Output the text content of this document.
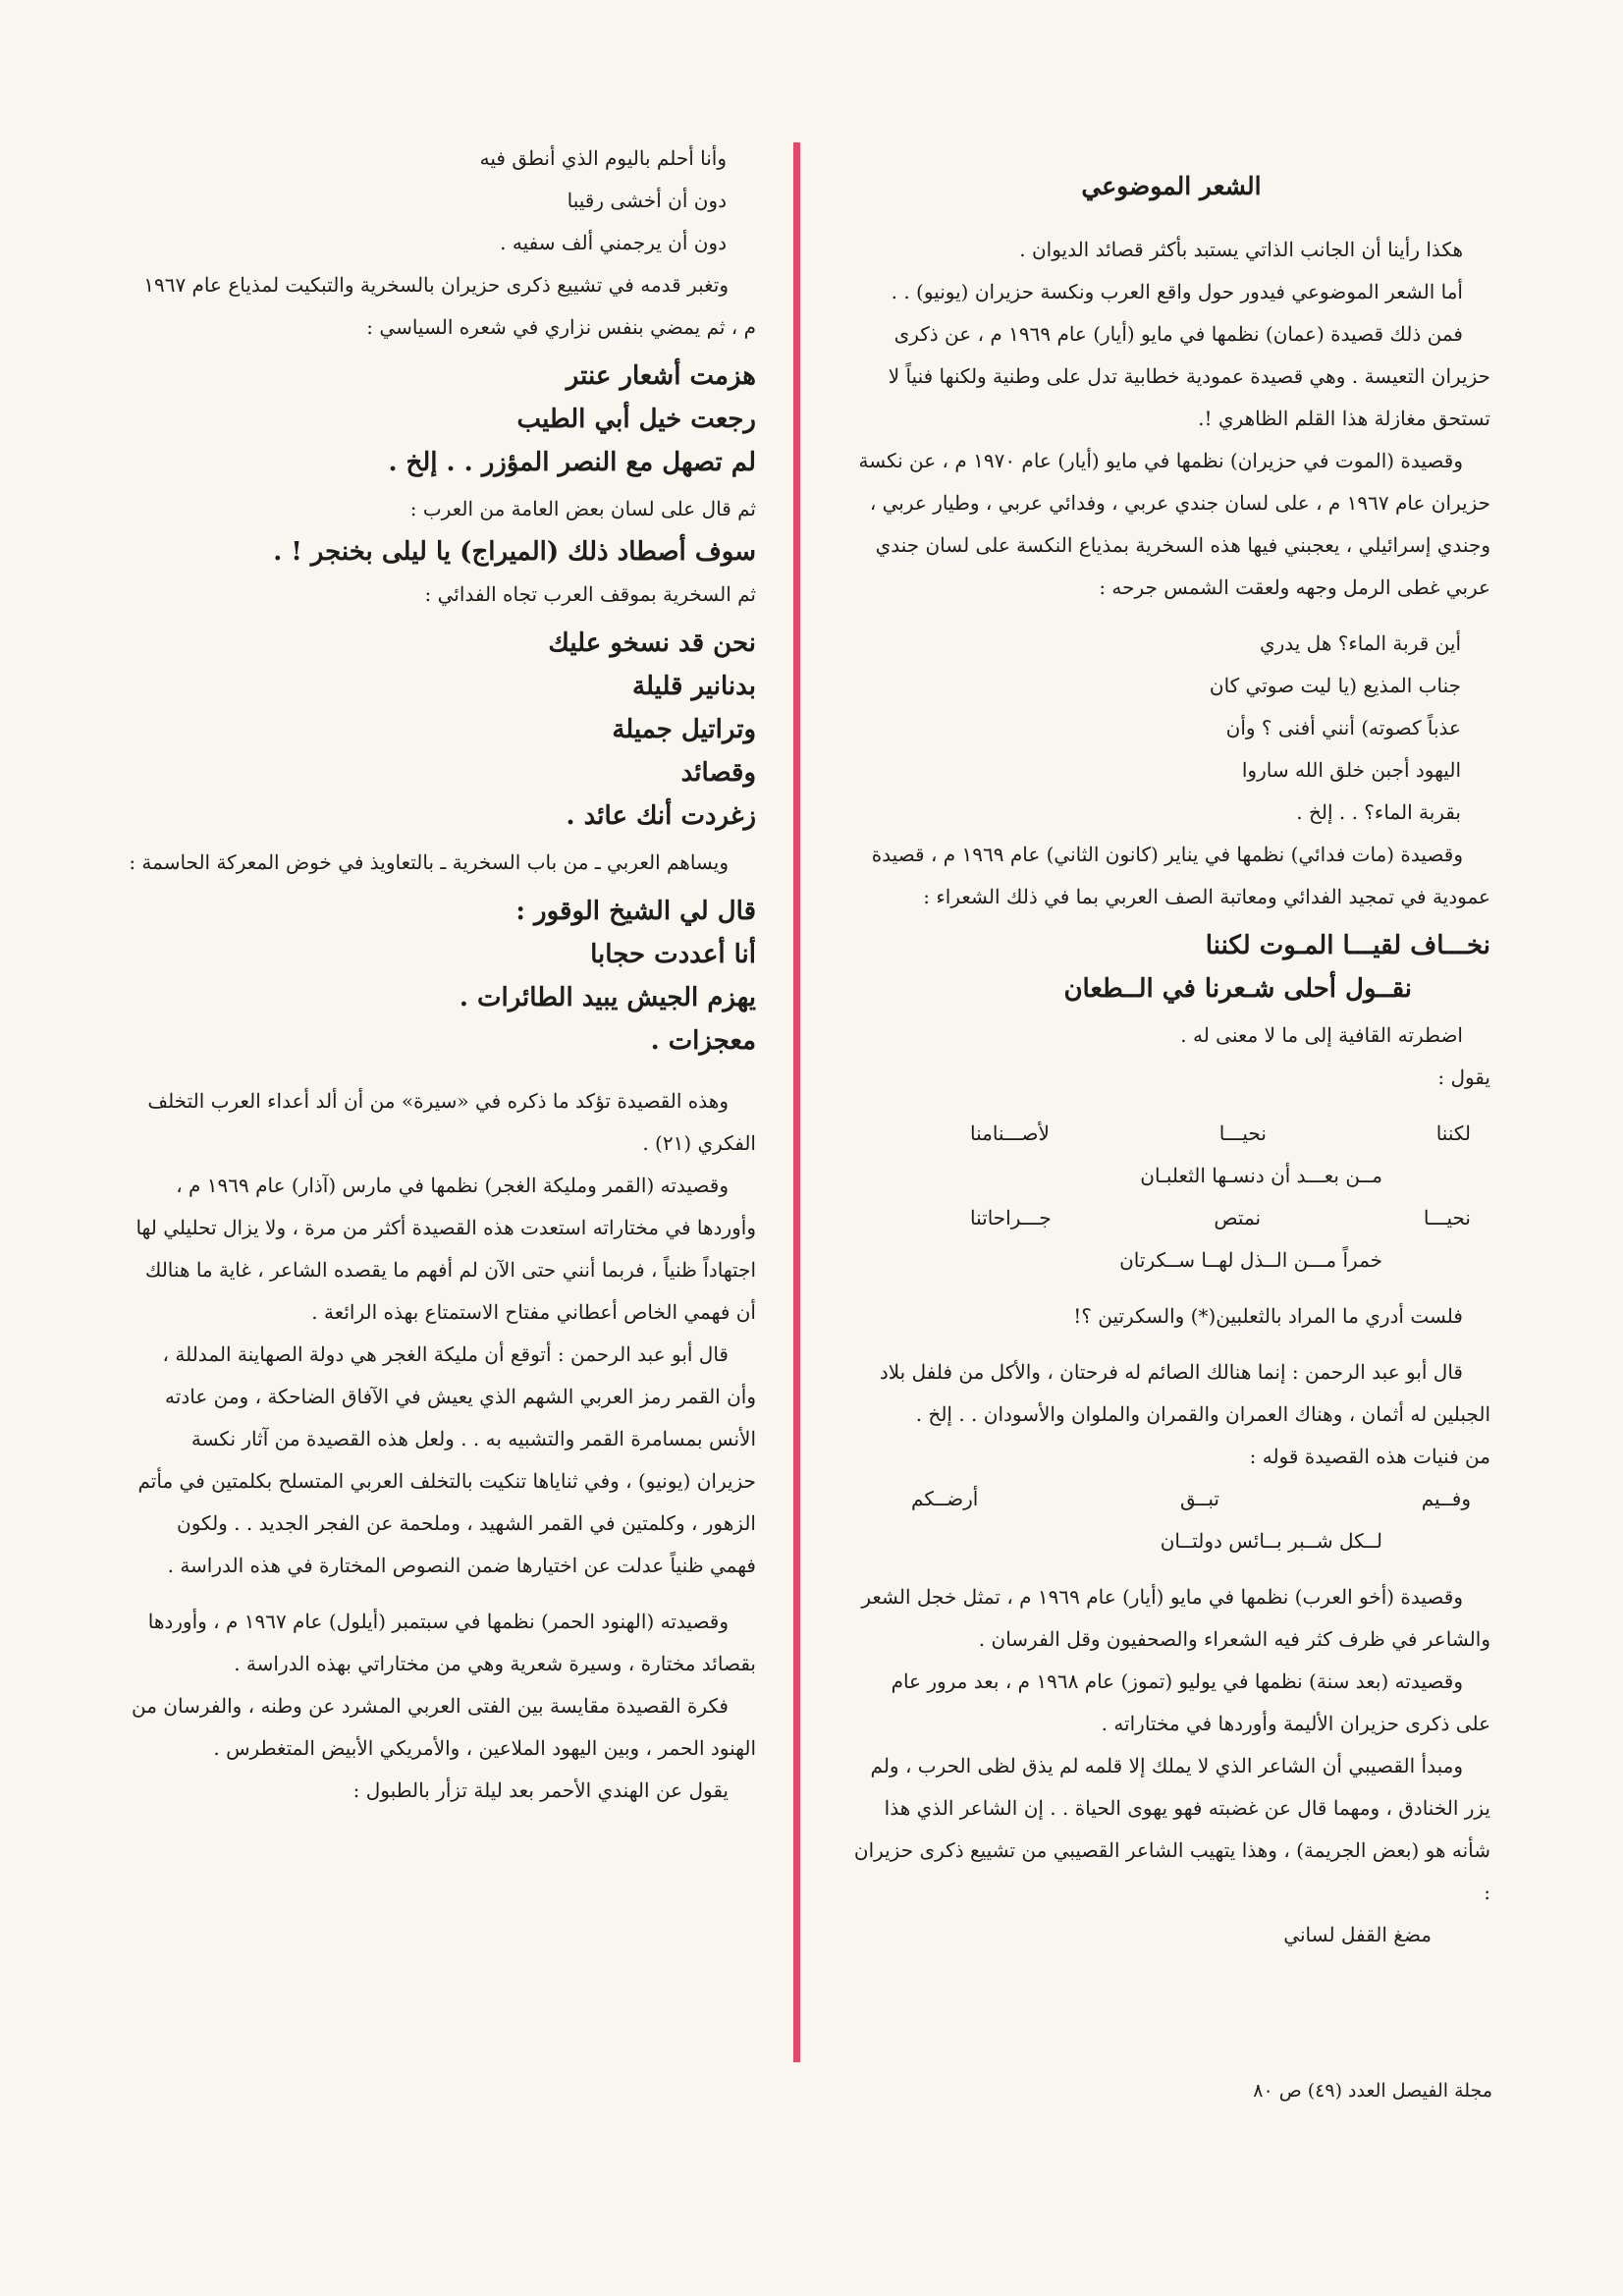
الشعر الموضوعي

هكذا رأينا أن الجانب الذاتي يستبد بأكثر قصائد الديوان .

أما الشعر الموضوعي فيدور حول واقع العرب ونكسة حزيران (يونيو) . .

فمن ذلك قصيدة (عمان) نظمها في مايو (أيار) عام ١٩٦٩ م ، عن ذكرى حزيران التعيسة . وهي قصيدة عمودية خطابية تدل على وطنية ولكنها فنياً لا تستحق مغازلة هذا القلم الظاهري !.

وقصيدة (الموت في حزيران) نظمها في مايو (أيار) عام ١٩٧٠ م ، عن نكسة حزيران عام ١٩٦٧ م ، على لسان جندي عربي ، وفدائي عربي ، وطيار عربي ، وجندي إسرائيلي ، يعجبني فيها هذه السخرية بمذياع النكسة على لسان جندي عربي غطى الرمل وجهه ولعقت الشمس جرحه :

أين قربة الماء؟ هل يدري
جناب المذيع (يا ليت صوتي كان
عذباً كصوته) أنني أفنى ؟ وأن
اليهود أجبن خلق الله ساروا
بقربة الماء؟ . . إلخ .

وقصيدة (مات فدائي) نظمها في يناير (كانون الثاني) عام ١٩٦٩ م ، قصيدة عمودية في تمجيد الفدائي ومعاتبة الصف العربي بما في ذلك الشعراء :

نخـــاف لقيـــا المـوت لكننا
نقــول أحلى شـعرنا في الــطعان

اضطرته القافية إلى ما لا معنى له .

يقول :
لكننا
نحيـــا
لأصـــنامنا
مــن بعـــد أن دنسـها الثعلبـان
نحيـــا
نمتص
جـــراحاتنا
خمراً مـــن الــذل لهــا ســكرتان

فلست أدري ما المراد بالثعلبين(*) والسكرتين ؟!

قال أبو عبد الرحمن : إنما هنالك الصائم له فرحتان ، والأكل من فلفل بلاد الجبلين له أثمان ، وهناك العمران والقمران والملوان والأسودان . . إلخ .

من فنيات هذه القصيدة قوله :
وفــيم
تبــق
أرضــكم
لــكل شــبر بــائس دولتــان

وقصيدة (أخو العرب) نظمها في مايو (أيار) عام ١٩٦٩ م ، تمثل خجل الشعر والشاعر في ظرف كثر فيه الشعراء والصحفيون وقل الفرسان .

وقصيدته (بعد سنة) نظمها في يوليو (تموز) عام ١٩٦٨ م ، بعد مرور عام على ذكرى حزيران الأليمة وأوردها في مختاراته .

ومبدأ القصيبي أن الشاعر الذي لا يملك إلا قلمه لم يذق لظى الحرب ، ولم يزر الخنادق ، ومهما قال عن غضبته فهو يهوى الحياة . . إن الشاعر الذي هذا شأنه هو (بعض الجريمة) ، وهذا يتهيب الشاعر القصيبي من تشييع ذكرى حزيران :

مضغ القفل لساني
وأنا أحلم باليوم الذي أنطق فيه
دون أن أخشى رقيبا
دون أن يرجمني ألف سفيه .

وتغبر قدمه في تشييع ذكرى حزيران بالسخرية والتبكيت لمذياع عام ١٩٦٧ م ، ثم يمضي بنفس نزاري في شعره السياسي :

هزمت أشعار عنتر
رجعت خيل أبي الطيب
لم تصهل مع النصر المؤزر . . إلخ .
ثم قال على لسان بعض العامة من العرب :
سوف أصطاد ذلك (الميراج) يا ليلى بخنجر ! .
ثم السخرية بموقف العرب تجاه الفدائي :
نحن قد نسخو عليك
بدنانير قليلة
وتراتيل جميلة
وقصائد
زغردت أنك عائد .

ويساهم العربي ـ من باب السخرية ـ بالتعاويذ في خوض المعركة الحاسمة :

قال لي الشيخ الوقور :
أنا أعددت حجابا
يهزم الجيش يبيد الطائرات .
معجزات .

وهذه القصيدة تؤكد ما ذكره في «سيرة» من أن ألد أعداء العرب التخلف الفكري (٢١) .

وقصيدته (القمر ومليكة الغجر) نظمها في مارس (آذار) عام ١٩٦٩ م ، وأوردها في مختاراته استعدت هذه القصيدة أكثر من مرة ، ولا يزال تحليلي لها اجتهاداً ظنياً ، فربما أنني حتى الآن لم أفهم ما يقصده الشاعر ، غاية ما هنالك أن فهمي الخاص أعطاني مفتاح الاستمتاع بهذه الرائعة .

قال أبو عبد الرحمن : أتوقع أن مليكة الغجر هي دولة الصهاينة المدللة ، وأن القمر رمز العربي الشهم الذي يعيش في الآفاق الضاحكة ، ومن عادته الأنس بمسامرة القمر والتشبيه به . . ولعل هذه القصيدة من آثار نكسة حزيران (يونيو) ، وفي ثناياها تنكيت بالتخلف العربي المتسلح بكلمتين في مأتم الزهور ، وكلمتين في القمر الشهيد ، وملحمة عن الفجر الجديد . . ولكون فهمي ظنياً عدلت عن اختيارها ضمن النصوص المختارة في هذه الدراسة .

وقصيدته (الهنود الحمر) نظمها في سبتمبر (أيلول) عام ١٩٦٧ م ، وأوردها بقصائد مختارة ، وسيرة شعرية وهي من مختاراتي بهذه الدراسة .

فكرة القصيدة مقايسة بين الفتى العربي المشرد عن وطنه ، والفرسان من الهنود الحمر ، وبين اليهود الملاعين ، والأمريكي الأبيض المتغطرس .

يقول عن الهندي الأحمر بعد ليلة تزأر بالطبول :

مجلة الفيصل العدد (٤٩) ص ٨٠
